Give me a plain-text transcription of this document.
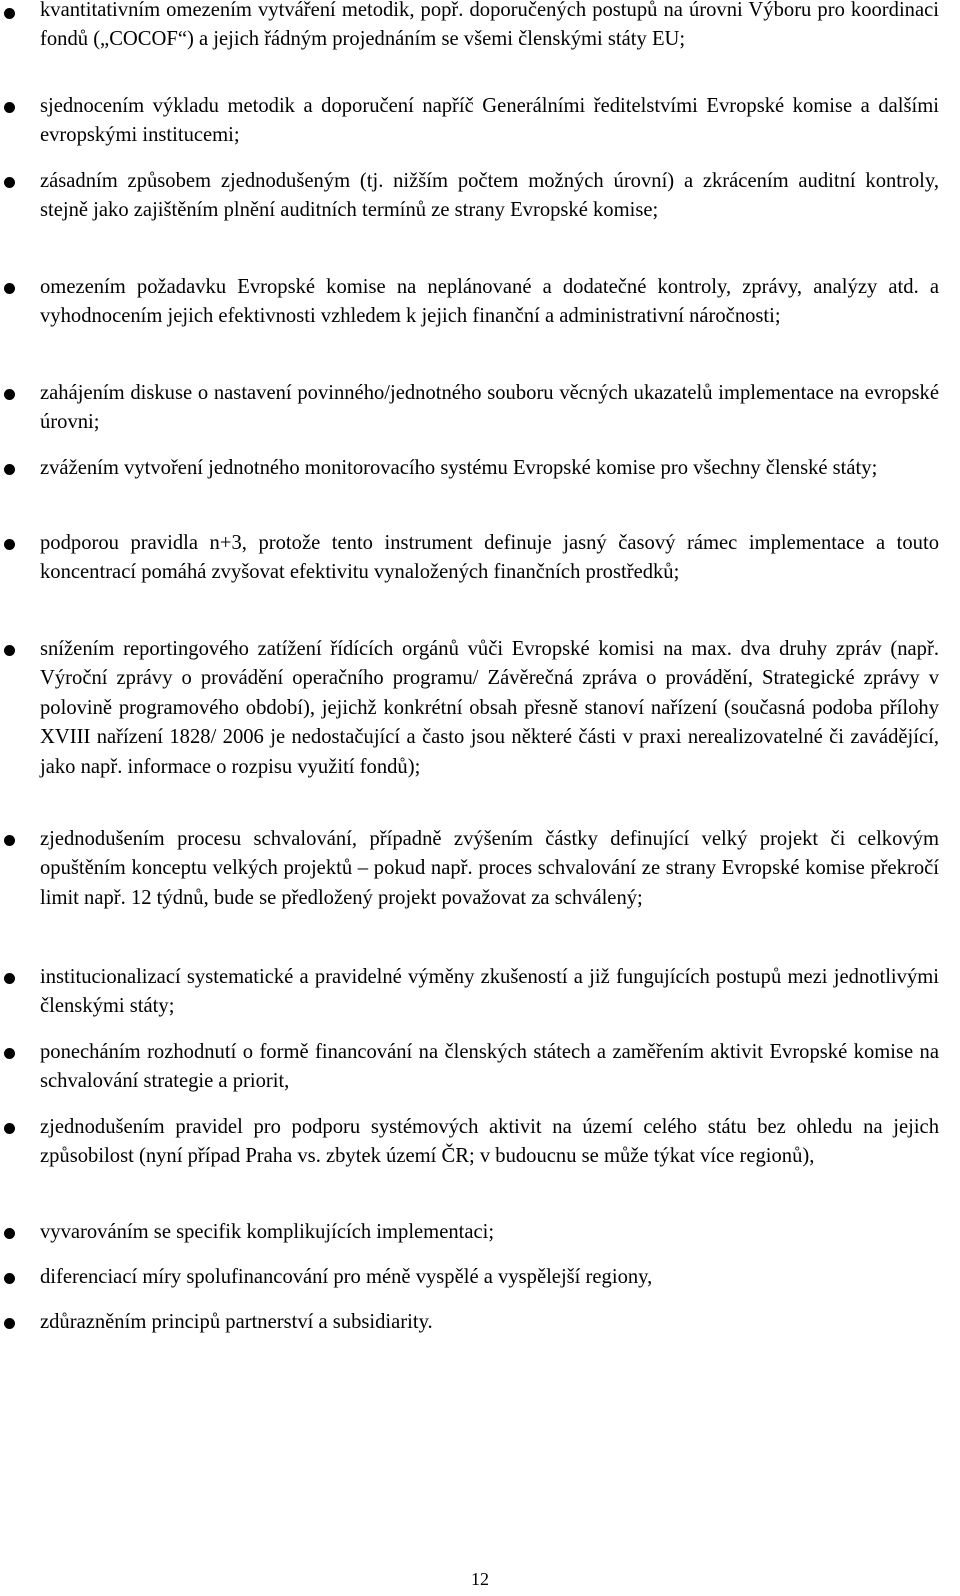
kvantitativním omezením vytváření metodik, popř. doporučených postupů na úrovni Výboru pro koordinaci fondů („COCOF“) a jejich řádným projednáním se všemi členskými státy EU;
sjednocením výkladu metodik a doporučení napříč Generálními ředitelstvími Evropské komise a dalšími evropskými institucemi;
zásadním způsobem zjednodušeným (tj. nižším počtem možných úrovní) a zkrácením auditní kontroly, stejně jako zajištěním plnění auditních termínů ze strany Evropské komise;
omezením požadavku Evropské komise na neplánované a dodatečné kontroly, zprávy, analýzy atd. a vyhodnocením jejich efektivnosti vzhledem k jejich finanční a administrativní náročnosti;
zahájením diskuse o nastavení povinného/jednotného souboru věcných ukazatelů implementace na evropské úrovni;
zvážením vytvoření jednotného monitorovacího systému Evropské komise pro všechny členské státy;
podporou pravidla n+3, protože tento instrument definuje jasný časový rámec implementace a touto koncentrací pomáhá zvyšovat efektivitu vynaložených finančních prostředků;
snížením reportingového zatížení řídících orgánů vůči Evropské komisi na max. dva druhy zpráv (např. Výroční zprávy o provádění operačního programu/ Závěrečná zpráva o provádění, Strategické zprávy v polovině programového období), jejichž konkrétní obsah přesně stanoví nařízení (současná podoba přílohy XVIII nařízení 1828/ 2006 je nedostačující a často jsou některé části v praxi nerealizovatelné či zavádějící, jako např. informace o rozpisu využití fondů);
zjednodušením procesu schvalování, případně zvýšením částky definující velký projekt či celkovým opuštěním konceptu velkých projektů – pokud např. proces schvalování ze strany Evropské komise překročí limit např. 12 týdnů, bude se předložený projekt považovat za schválený;
institucionalizací systematické a pravidelné výměny zkušeností a již fungujících postupů mezi jednotlivými členskými státy;
ponecháním rozhodnutí o formě financování na členských státech a zaměřením aktivit Evropské komise na schvalování strategie a priorit,
zjednodušením pravidel pro podporu systémových aktivit na území celého státu bez ohledu na jejich způsobilost (nyní případ Praha vs. zbytek území ČR; v budoucnu se může týkat více regionů),
vyvarováním se specifik komplikujících implementaci;
diferenciací míry spolufinancování pro méně vyspělé a vyspělejší regiony,
zdůrazněním principů partnerství a subsidiarity.
12
